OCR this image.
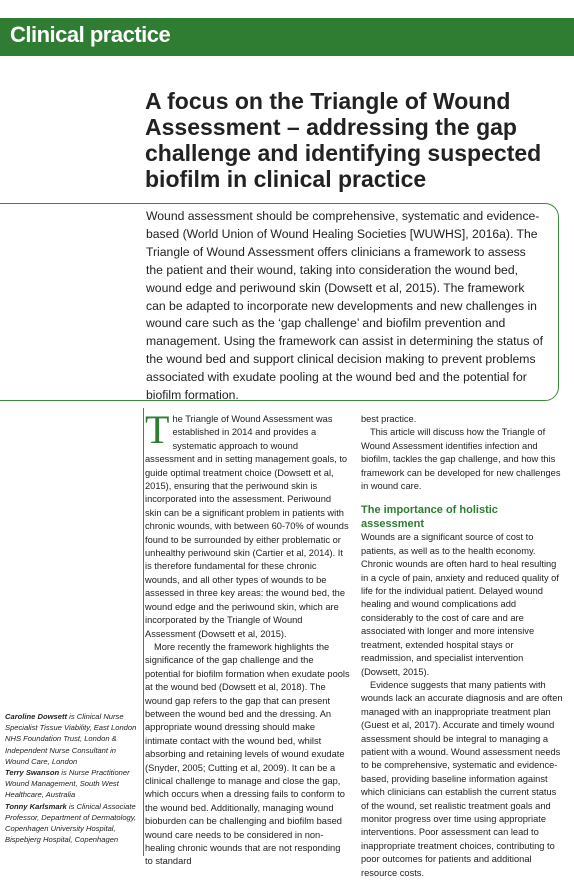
Clinical practice
A focus on the Triangle of Wound Assessment – addressing the gap challenge and identifying suspected biofilm in clinical practice

Wound assessment should be comprehensive, systematic and evidence-based (World Union of Wound Healing Societies [WUWHS], 2016a). The Triangle of Wound Assessment offers clinicians a framework to assess the patient and their wound, taking into consideration the wound bed, wound edge and periwound skin (Dowsett et al, 2015). The framework can be adapted to incorporate new developments and new challenges in wound care such as the ‘gap challenge’ and biofilm prevention and management. Using the framework can assist in determining the status of the wound bed and support clinical decision making to prevent problems associated with exudate pooling at the wound bed and the potential for biofilm formation.

The Triangle of Wound Assessment was established in 2014 and provides a systematic approach to wound assessment and in setting management goals, to guide optimal treatment choice (Dowsett et al, 2015), ensuring that the periwound skin is incorporated into the assessment. Periwound skin can be a significant problem in patients with chronic wounds, with between 60-70% of wounds found to be surrounded by either problematic or unhealthy periwound skin (Cartier et al, 2014). It is therefore fundamental for these chronic wounds, and all other types of wounds to be assessed in three key areas: the wound bed, the wound edge and the periwound skin, which are incorporated by the Triangle of Wound Assessment (Dowsett et al, 2015).

More recently the framework highlights the significance of the gap challenge and the potential for biofilm formation when exudate pools at the wound bed (Dowsett et al, 2018). The wound gap refers to the gap that can present between the wound bed and the dressing. An appropriate wound dressing should make intimate contact with the wound bed, whilst absorbing and retaining levels of wound exudate (Snyder, 2005; Cutting et al, 2009). It can be a clinical challenge to manage and close the gap, which occurs when a dressing fails to conform to the wound bed. Additionally, managing wound bioburden can be challenging and biofilm based wound care needs to be considered in non-healing chronic wounds that are not responding to standard

best practice.

This article will discuss how the Triangle of Wound Assessment identifies infection and biofilm, tackles the gap challenge, and how this framework can be developed for new challenges in wound care.

The importance of holistic assessment

Wounds are a significant source of cost to patients, as well as to the health economy. Chronic wounds are often hard to heal resulting in a cycle of pain, anxiety and reduced quality of life for the individual patient. Delayed wound healing and wound complications add considerably to the cost of care and are associated with longer and more intensive treatment, extended hospital stays or readmission, and specialist intervention (Dowsett, 2015).

Evidence suggests that many patients with wounds lack an accurate diagnosis and are often managed with an inappropriate treatment plan (Guest et al, 2017). Accurate and timely wound assessment should be integral to managing a patient with a wound. Wound assessment needs to be comprehensive, systematic and evidence-based, providing baseline information against which clinicians can establish the current status of the wound, set realistic treatment goals and monitor progress over time using appropriate interventions. Poor assessment can lead to inappropriate treatment choices, contributing to poor outcomes for patients and additional resource costs.

Caroline Dowsett is Clinical Nurse Specialist Tissue Viability, East London NHS Foundation Trust, London & Independent Nurse Consultant in Wound Care, London
Terry Swanson is Nurse Practitioner Wound Management, South West Healthcare, Australia
Tonny Karlsmark is Clinical Associate Professor, Department of Dermatology, Copenhagen University Hospital, Bispebjerg Hospital, Copenhagen
